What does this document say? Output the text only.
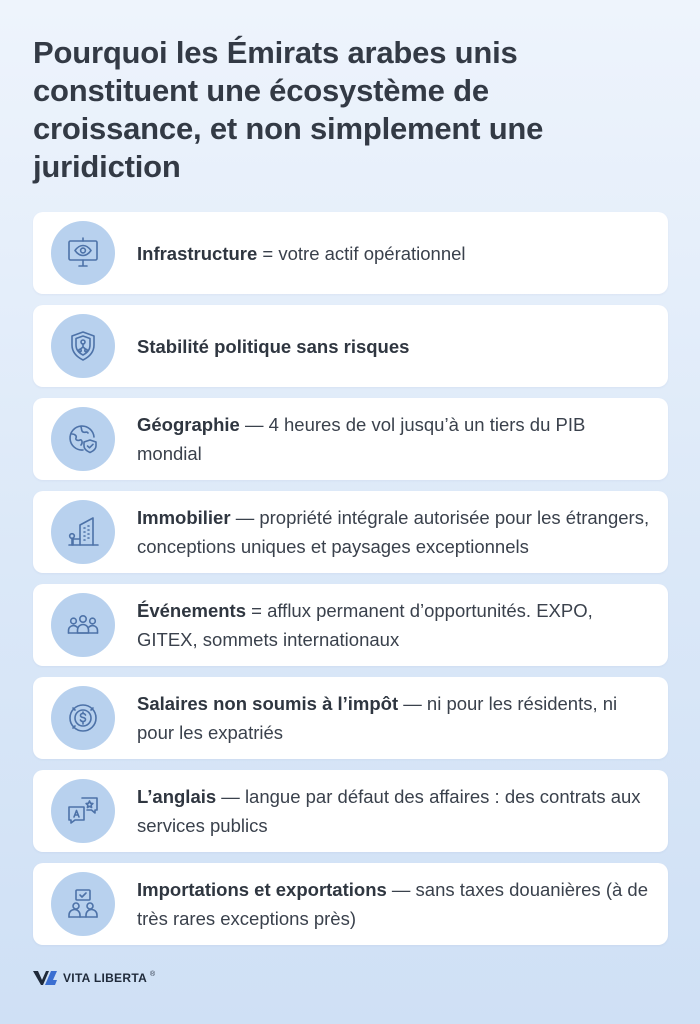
Pourquoi les Émirats arabes unis constituent une écosystème de croissance, et non simplement une juridiction
Infrastructure = votre actif opérationnel
Stabilité politique sans risques
Géographie — 4 heures de vol jusqu’à un tiers du PIB mondial
Immobilier — propriété intégrale autorisée pour les étrangers, conceptions uniques et paysages exceptionnels
Événements = afflux permanent d’opportunités. EXPO, GITEX, sommets internationaux
Salaires non soumis à l’impôt — ni pour les résidents, ni pour les expatriés
L’anglais — langue par défaut des affaires : des contrats aux services publics
Importations et exportations — sans taxes douanières (à de très rares exceptions près)
VITA LIBERTA ®
